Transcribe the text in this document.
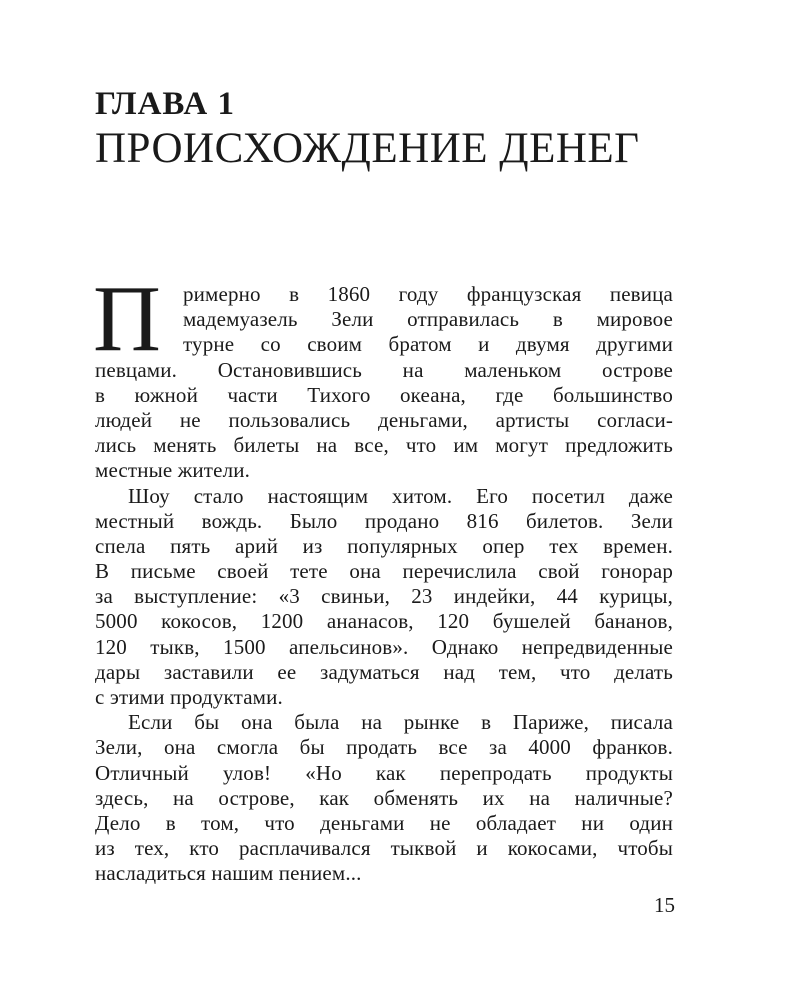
ГЛАВА 1
ПРОИСХОЖДЕНИЕ ДЕНЕГ
П	римерно в 1860 году французская певица
мадемуазель Зели отправилась в мировое
турне со своим братом и двумя другими
певцами. Остановившись на маленьком острове
в южной части Тихого океана, где большинство
людей не пользовались деньгами, артисты согласи-
лись менять билеты на все, что им могут предложить
местные жители.
Шоу стало настоящим хитом. Его посетил даже
местный вождь. Было продано 816 билетов. Зели
спела пять арий из популярных опер тех времен.
В письме своей тете она перечислила свой гонорар
за выступление: «3 свиньи, 23 индейки, 44 курицы,
5000 кокосов, 1200 ананасов, 120 бушелей бананов,
120 тыкв, 1500 апельсинов». Однако непредвиденные
дары заставили ее задуматься над тем, что делать
с этими продуктами.
Если бы она была на рынке в Париже, писала
Зели, она смогла бы продать все за 4000 франков.
Отличный улов! «Но как перепродать продукты
здесь, на острове, как обменять их на наличные?
Дело в том, что деньгами не обладает ни один
из тех, кто расплачивался тыквой и кокосами, чтобы
насладиться нашим пением...
15
